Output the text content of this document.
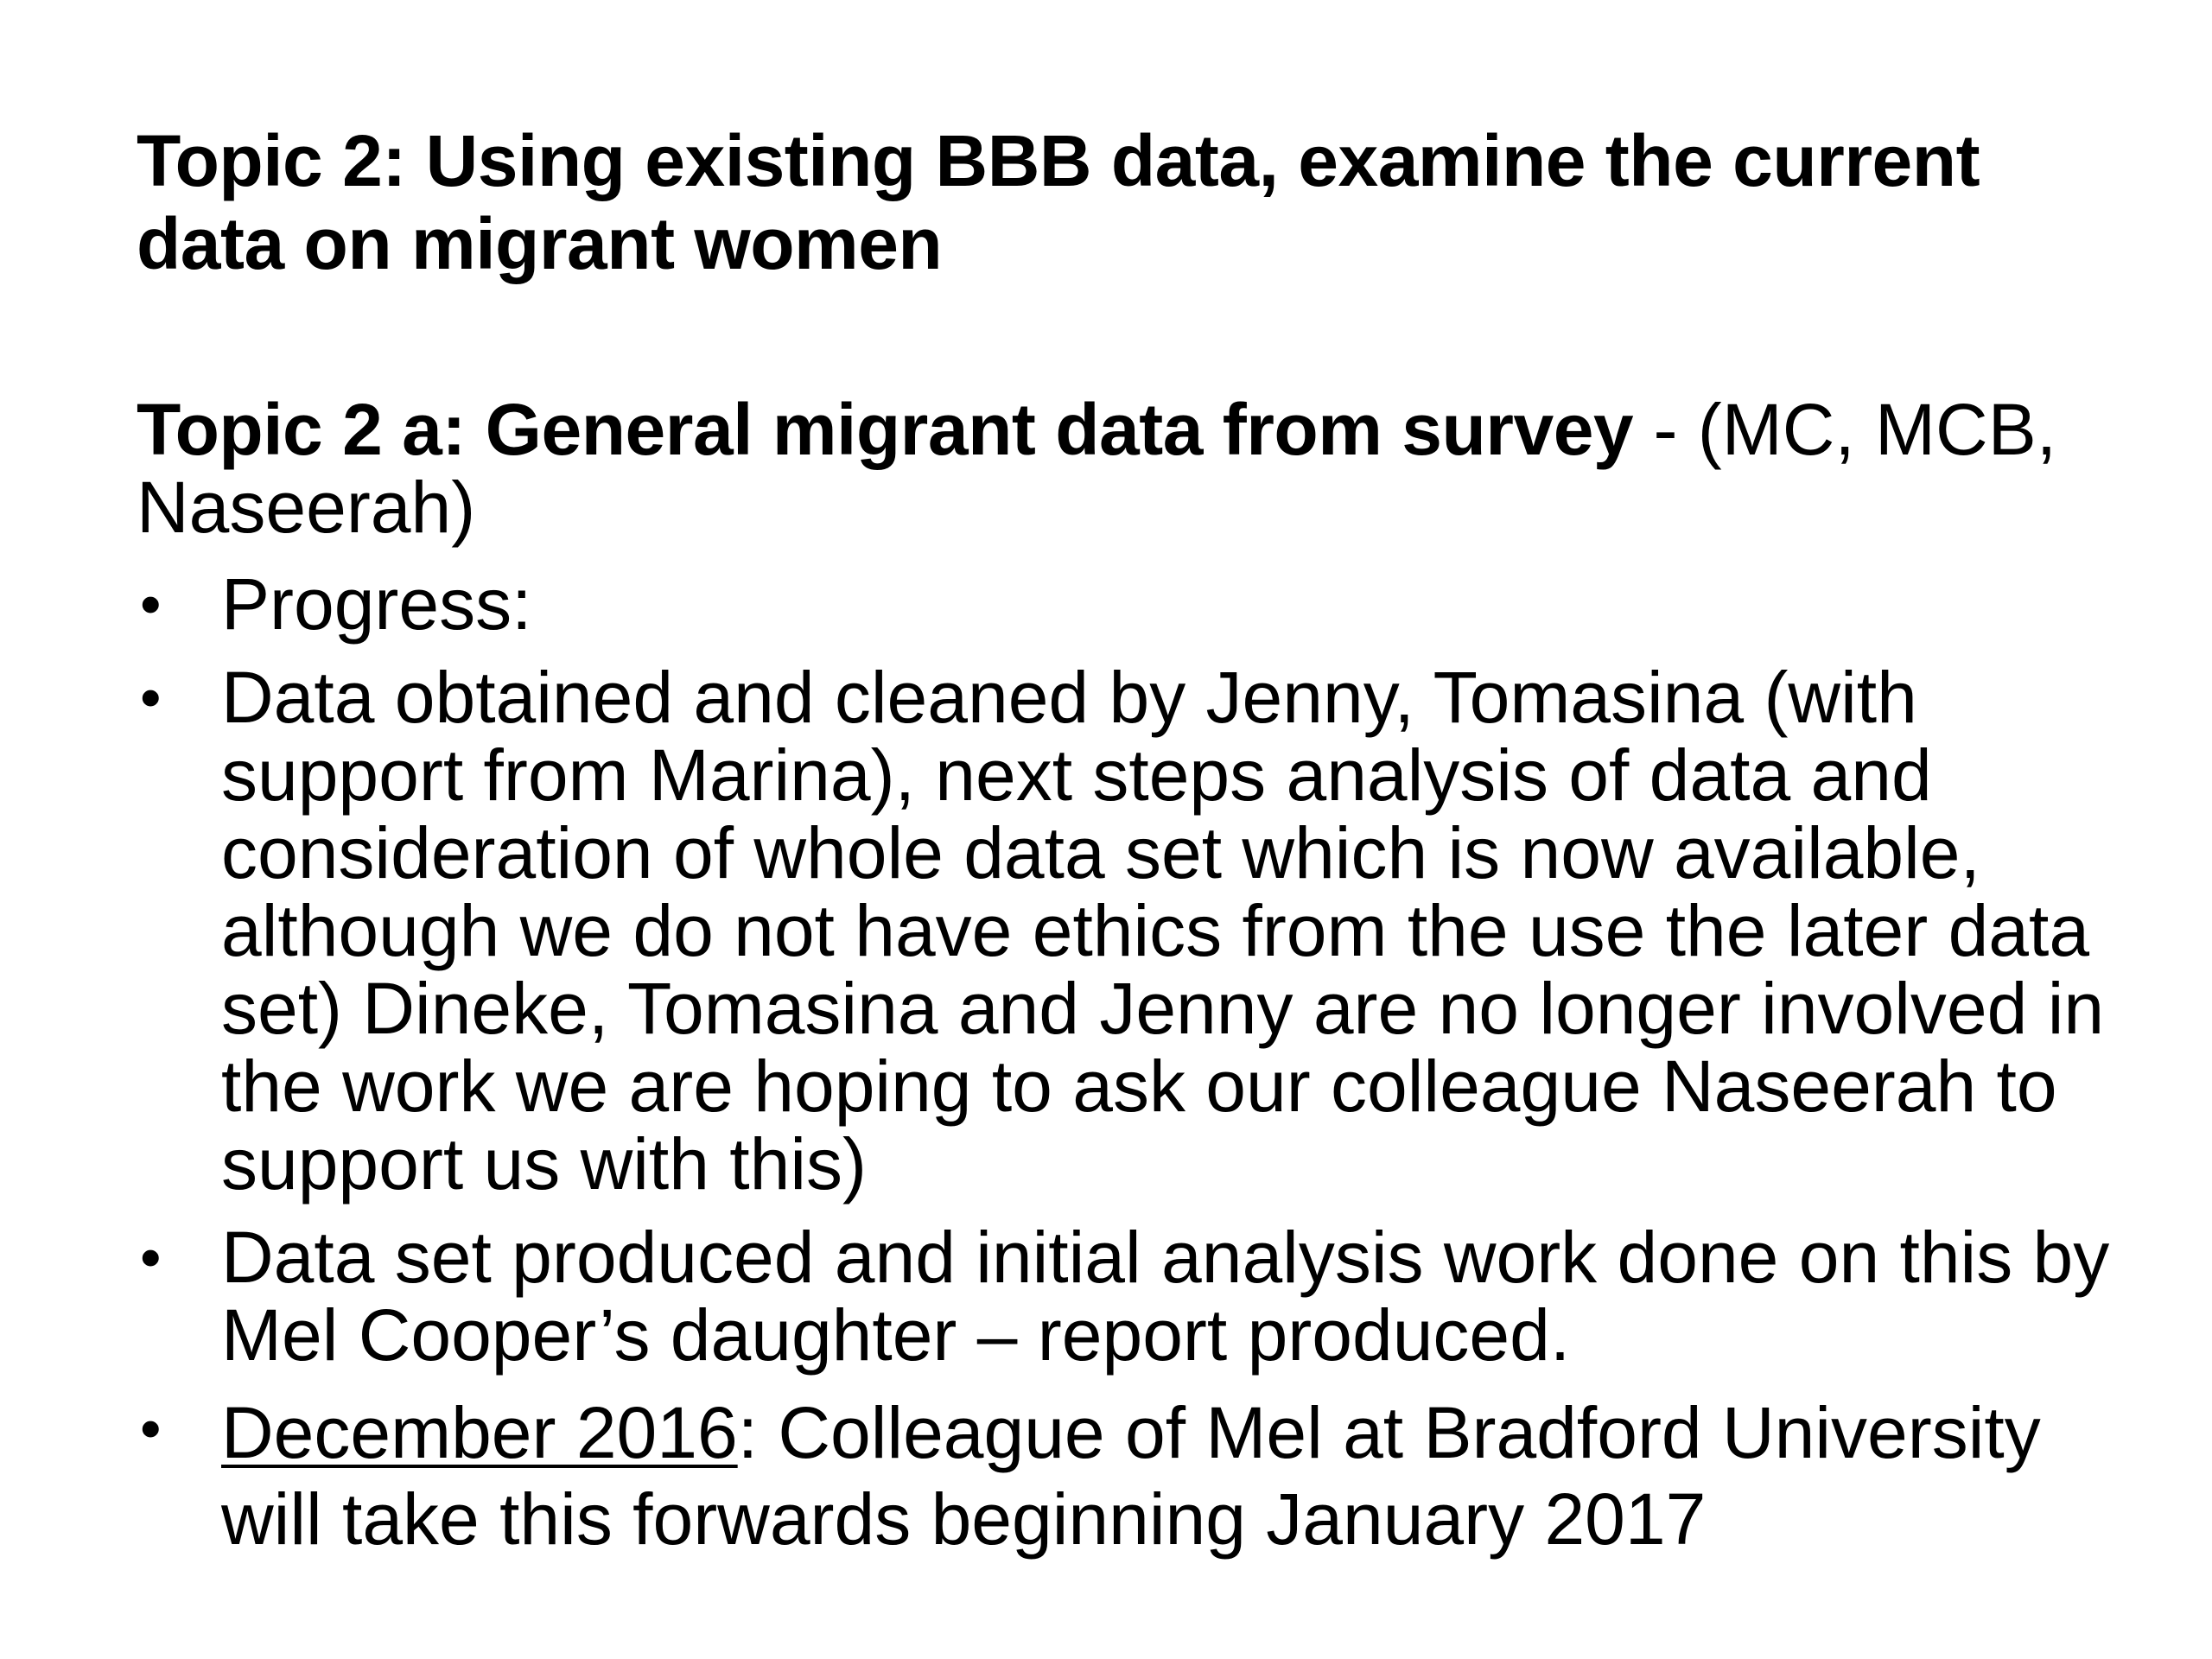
Topic 2: Using existing BBB data, examine the current data on migrant women

Topic 2 a: General migrant data from survey - (MC, MCB, Naseerah)

• Progress:
• Data obtained and cleaned by Jenny, Tomasina (with support from Marina), next steps analysis of data and consideration of whole data set which is now available, although we do not have ethics from the use the later data set) Dineke, Tomasina and Jenny are no longer involved in the work we are hoping to ask our colleague Naseerah to support us with this)
• Data set produced and initial analysis work done on this by Mel Cooper’s daughter – report produced.
• December 2016: Colleague of Mel at Bradford University will take this forwards beginning January 2017
